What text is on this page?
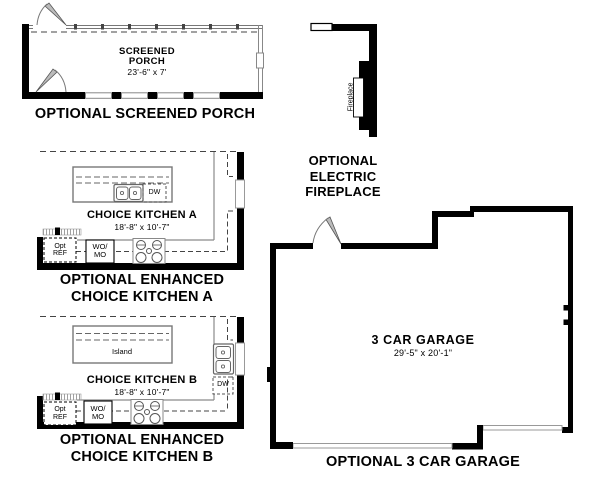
SCREENED
PORCH
23'-6" x 7'
OPTIONAL SCREENED PORCH
Fireplace
OPTIONAL
ELECTRIC
FIREPLACE
DW
CHOICE KITCHEN A
18'-8" x 10'-7"
Opt
REF
WO/
MO
OPTIONAL ENHANCED
CHOICE KITCHEN A
Island
DW
CHOICE KITCHEN B
18'-8" x 10'-7"
Opt
REF
WO/
MO
OPTIONAL ENHANCED
CHOICE KITCHEN B
3 CAR GARAGE
29'-5" x 20'-1"
OPTIONAL 3 CAR GARAGE
